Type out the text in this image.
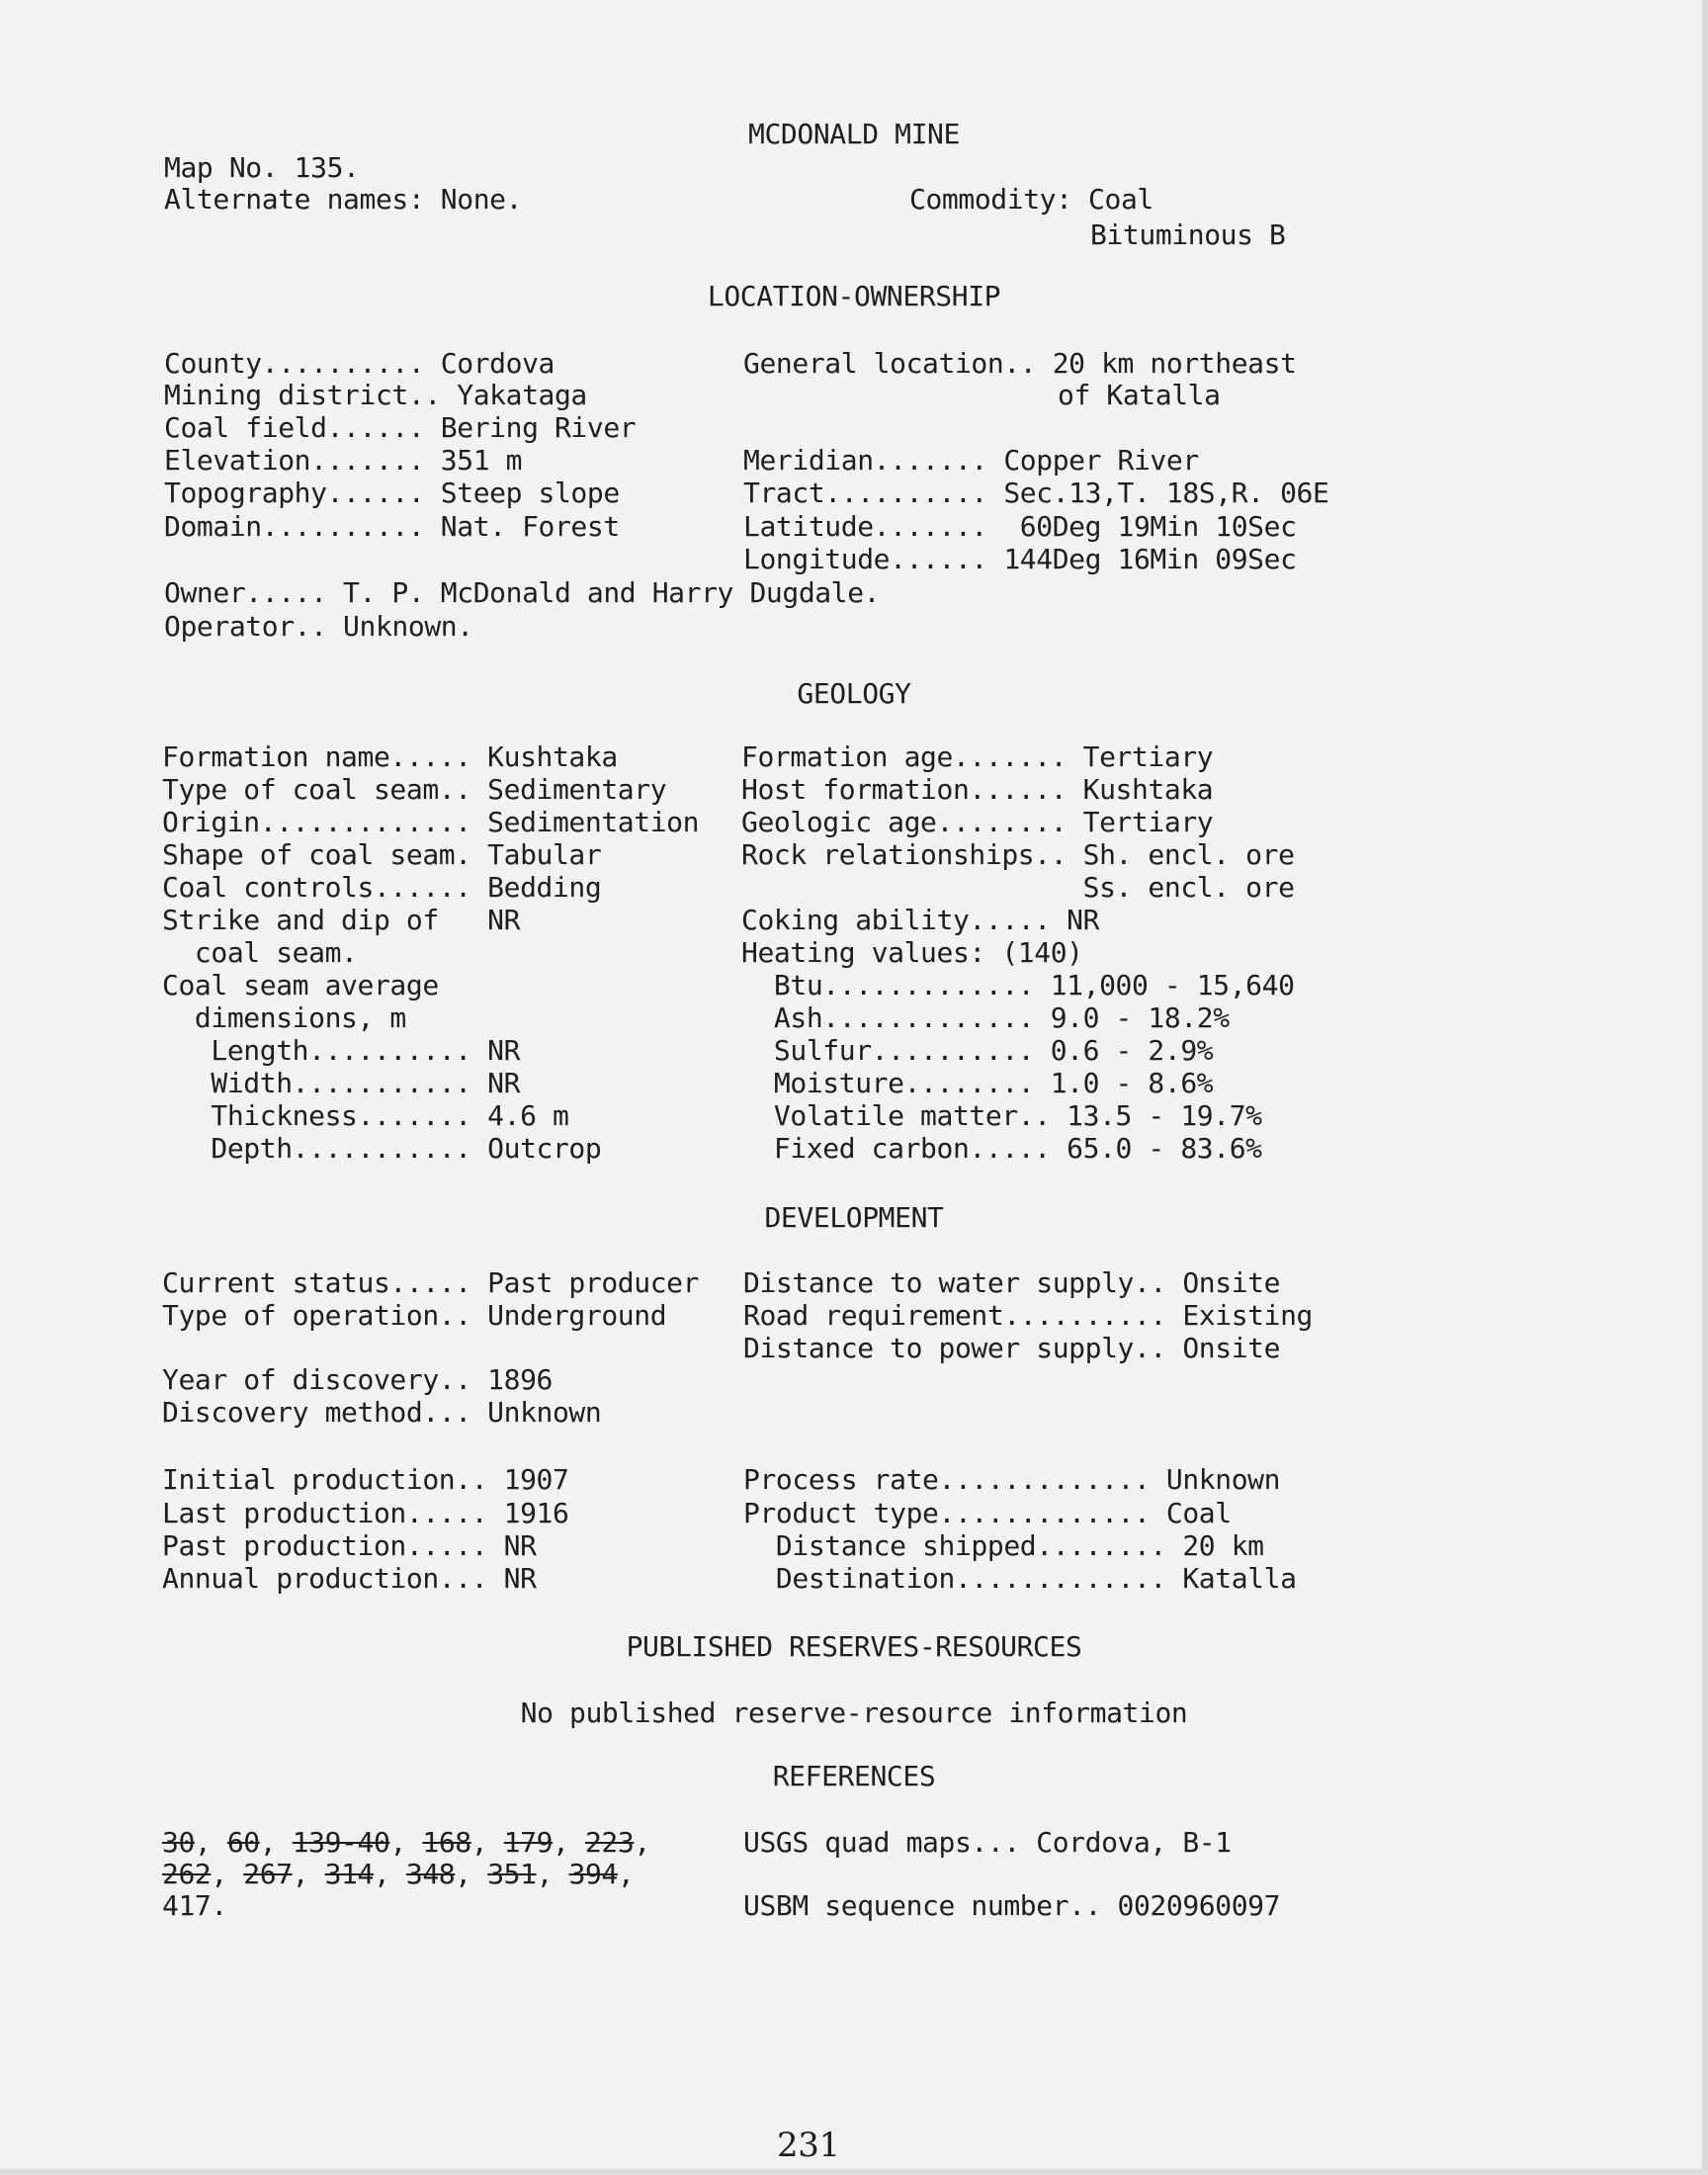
MCDONALD MINE
Map No. 135.
Alternate names: None.	Commodity: Coal
Bituminous B
LOCATION-OWNERSHIP
County.......... Cordova
Mining district.. Yakataga
Coal field...... Bering River
Elevation....... 351 m
Topography...... Steep slope
Domain.......... Nat. Forest
General location.. 20 km northeast
of Katalla
Meridian....... Copper River
Tract.......... Sec.13,T. 18S,R. 06E
Latitude.......  60Deg 19Min 10Sec
Longitude...... 144Deg 16Min 09Sec
Owner..... T. P. McDonald and Harry Dugdale.
Operator.. Unknown.
GEOLOGY
Formation name..... Kushtaka
Type of coal seam.. Sedimentary
Origin............. Sedimentation
Shape of coal seam. Tabular
Coal controls...... Bedding
Strike and dip of   NR
coal seam.
Coal seam average
dimensions, m
Length.......... NR
Width........... NR
Thickness....... 4.6 m
Depth........... Outcrop
Formation age....... Tertiary
Host formation...... Kushtaka
Geologic age........ Tertiary
Rock relationships.. Sh. encl. ore
Ss. encl. ore
Coking ability..... NR
Heating values: (140)
Btu............. 11,000 - 15,640
Ash............. 9.0 - 18.2%
Sulfur.......... 0.6 - 2.9%
Moisture........ 1.0 - 8.6%
Volatile matter.. 13.5 - 19.7%
Fixed carbon..... 65.0 - 83.6%
DEVELOPMENT
Current status..... Past producer
Type of operation.. Underground
Distance to water supply.. Onsite
Road requirement.......... Existing
Distance to power supply.. Onsite
Year of discovery.. 1896
Discovery method... Unknown
Initial production.. 1907
Last production..... 1916
Past production..... NR
Annual production... NR
Process rate............. Unknown
Product type............. Coal
Distance shipped........ 20 km
Destination............. Katalla
PUBLISHED RESERVES-RESOURCES
No published reserve-resource information
REFERENCES
30, 60, 139-40, 168, 179, 223,
262, 267, 314, 348, 351, 394,
417.
USGS quad maps... Cordova, B-1
USBM sequence number.. 0020960097
231
